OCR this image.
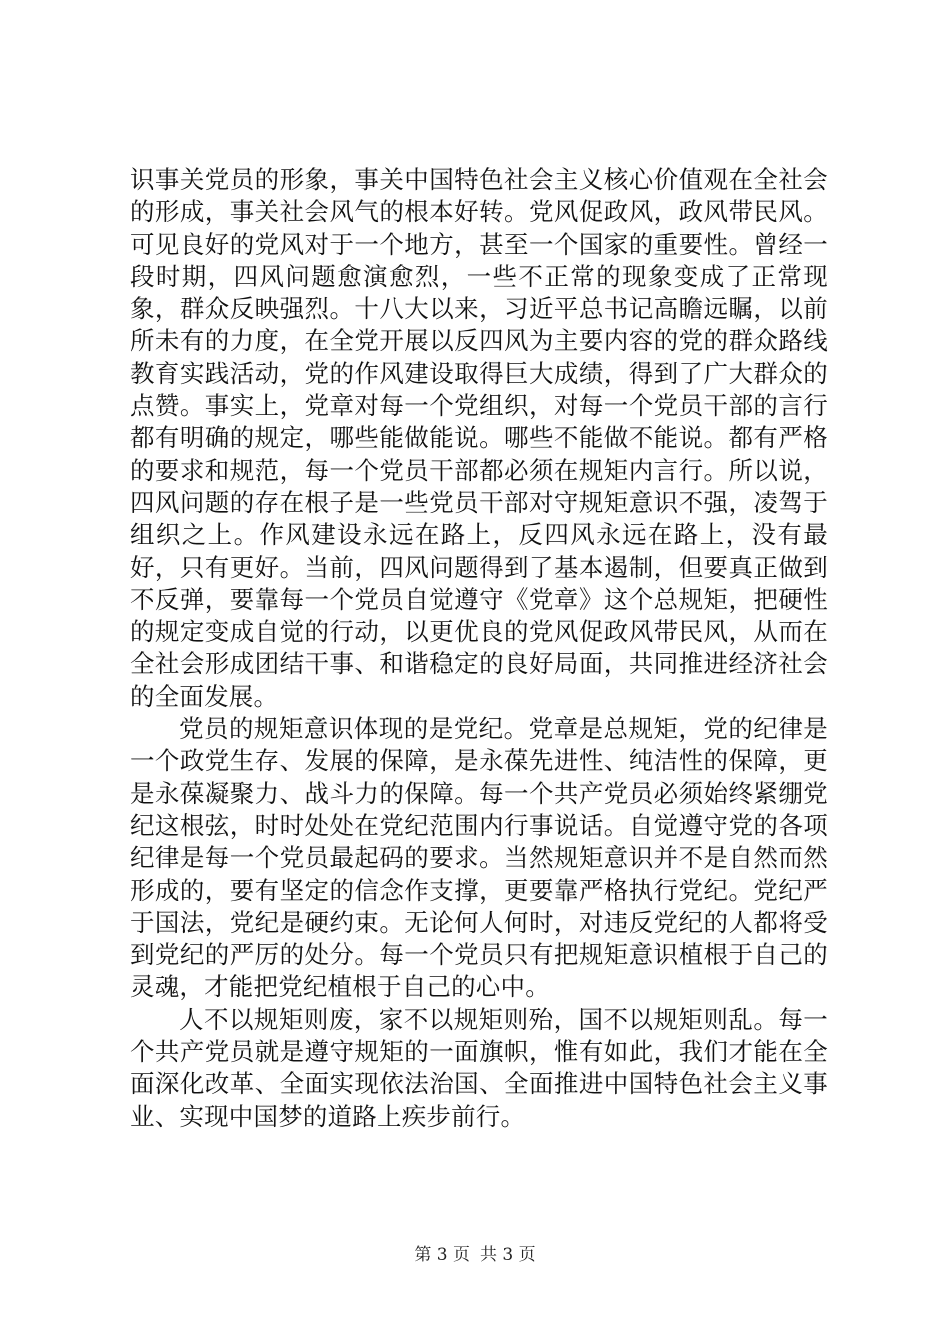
识事关党员的形象，事关中国特色社会主义核心价值观在全社会的形成，事关社会风气的根本好转。党风促政风，政风带民风。可见良好的党风对于一个地方，甚至一个国家的重要性。曾经一段时期，四风问题愈演愈烈，一些不正常的现象变成了正常现象，群众反映强烈。十八大以来，习近平总书记高瞻远瞩，以前所未有的力度，在全党开展以反四风为主要内容的党的群众路线教育实践活动，党的作风建设取得巨大成绩，得到了广大群众的点赞。事实上，党章对每一个党组织，对每一个党员干部的言行都有明确的规定，哪些能做能说。哪些不能做不能说。都有严格的要求和规范，每一个党员干部都必须在规矩内言行。所以说，四风问题的存在根子是一些党员干部对守规矩意识不强，凌驾于组织之上。作风建设永远在路上，反四风永远在路上，没有最好，只有更好。当前，四风问题得到了基本遏制，但要真正做到不反弹，要靠每一个党员自觉遵守《党章》这个总规矩，把硬性的规定变成自觉的行动，以更优良的党风促政风带民风，从而在全社会形成团结干事、和谐稳定的良好局面，共同推进经济社会的全面发展。

党员的规矩意识体现的是党纪。党章是总规矩，党的纪律是一个政党生存、发展的保障，是永葆先进性、纯洁性的保障，更是永葆凝聚力、战斗力的保障。每一个共产党员必须始终紧绷党纪这根弦，时时处处在党纪范围内行事说话。自觉遵守党的各项纪律是每一个党员最起码的要求。当然规矩意识并不是自然而然形成的，要有坚定的信念作支撑，更要靠严格执行党纪。党纪严于国法，党纪是硬约束。无论何人何时，对违反党纪的人都将受到党纪的严厉的处分。每一个党员只有把规矩意识植根于自己的灵魂，才能把党纪植根于自己的心中。

人不以规矩则废，家不以规矩则殆，国不以规矩则乱。每一个共产党员就是遵守规矩的一面旗帜，惟有如此，我们才能在全面深化改革、全面实现依法治国、全面推进中国特色社会主义事业、实现中国梦的道路上疾步前行。

第 3 页 共 3 页
